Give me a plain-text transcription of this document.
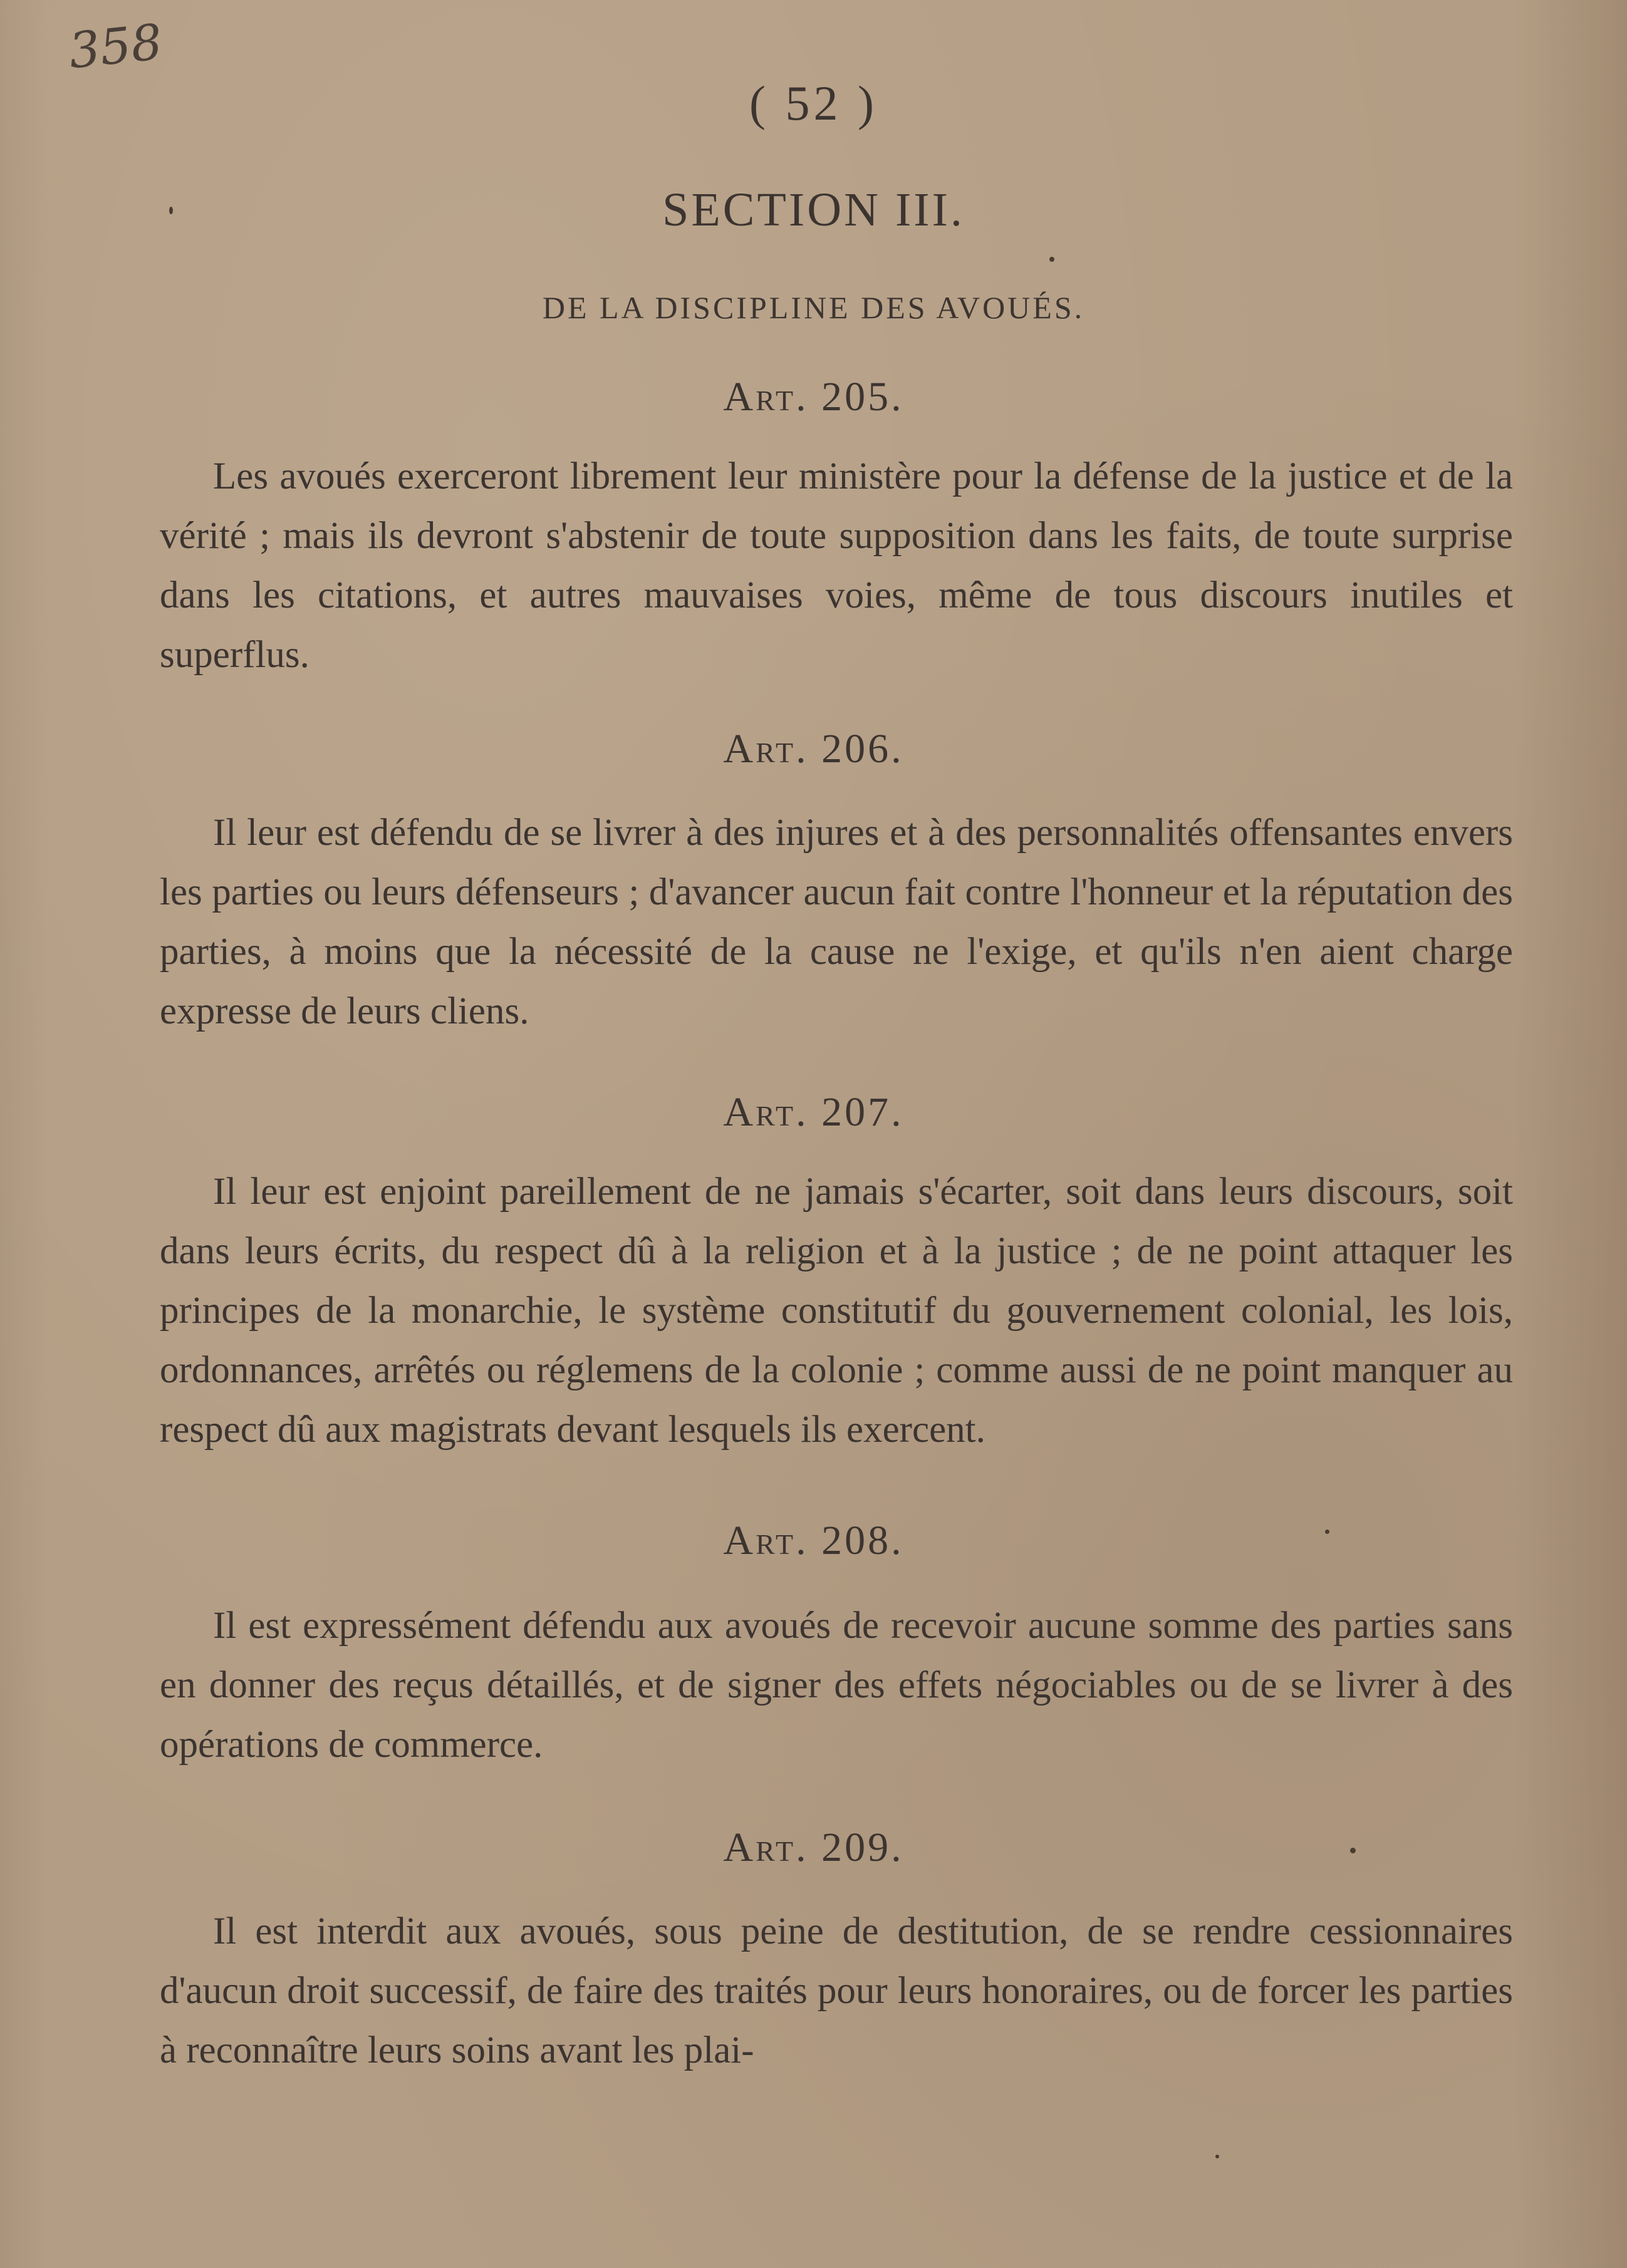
358
( 52 )
SECTION III.
DE LA DISCIPLINE DES AVOUÉS.
Art. 205.
Les avoués exerceront librement leur ministère pour la défense de la justice et de la vérité ; mais ils devront s'abstenir de toute supposition dans les faits, de toute surprise dans les citations, et autres mauvaises voies, même de tous discours inutiles et superflus.
Art. 206.
Il leur est défendu de se livrer à des injures et à des personnalités offensantes envers les parties ou leurs défenseurs ; d'avancer aucun fait contre l'honneur et la réputation des parties, à moins que la nécessité de la cause ne l'exige, et qu'ils n'en aient charge expresse de leurs cliens.
Art. 207.
Il leur est enjoint pareillement de ne jamais s'écarter, soit dans leurs discours, soit dans leurs écrits, du respect dû à la religion et à la justice ; de ne point attaquer les principes de la monarchie, le système constitutif du gouvernement colonial, les lois, ordonnances, arrêtés ou réglemens de la colonie ; comme aussi de ne point manquer au respect dû aux magistrats devant lesquels ils exercent.
Art. 208.
Il est expressément défendu aux avoués de recevoir aucune somme des parties sans en donner des reçus détaillés, et de signer des effets négociables ou de se livrer à des opérations de commerce.
Art. 209.
Il est interdit aux avoués, sous peine de destitution, de se rendre cessionnaires d'aucun droit successif, de faire des traités pour leurs honoraires, ou de forcer les parties à reconnaître leurs soins avant les plai-
